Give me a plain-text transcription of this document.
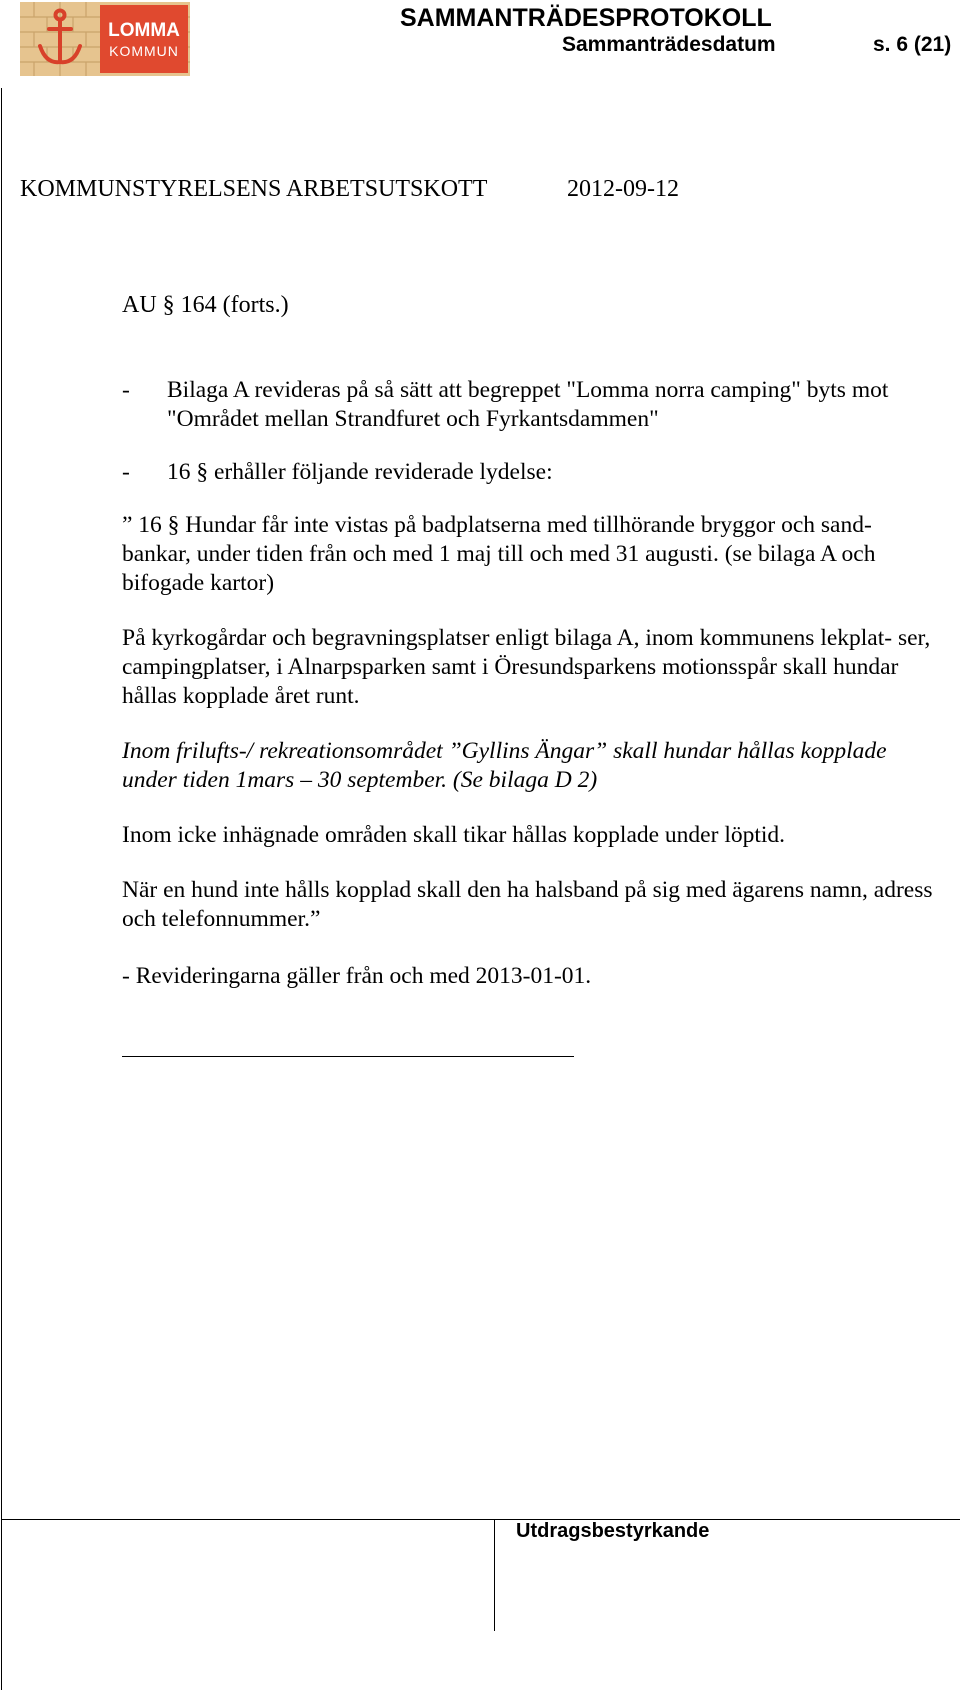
LOMMA
KOMMUN
SAMMANTRÄDESPROTOKOLL
Sammanträdesdatum	s. 6 (21)
KOMMUNSTYRELSENS ARBETSUTSKOTT	2012-09-12
AU § 164 (forts.)
- Bilaga A revideras på så sätt att begreppet "Lomma norra camping" byts mot "Området mellan Strandfuret och Fyrkantsdammen"

- 16 § erhåller följande reviderade lydelse:

” 16 § Hundar får inte vistas på badplatserna med tillhörande bryggor och sand- bankar, under tiden från och med 1 maj till och med 31 augusti. (se bilaga A och bifogade kartor)

På kyrkogårdar och begravningsplatser enligt bilaga A, inom kommunens lekplat- ser, campingplatser, i Alnarpsparken samt i Öresundsparkens motionsspår skall hundar hållas kopplade året runt.

Inom frilufts-/ rekreationsområdet ”Gyllins Ängar” skall hundar hållas kopplade under tiden 1mars – 30 september. (Se bilaga D 2)

Inom icke inhägnade områden skall tikar hållas kopplade under löptid.

När en hund inte hålls kopplad skall den ha halsband på sig med ägarens namn, adress och telefonnummer.”

- Revideringarna gäller från och med 2013-01-01.

Utdragsbestyrkande
